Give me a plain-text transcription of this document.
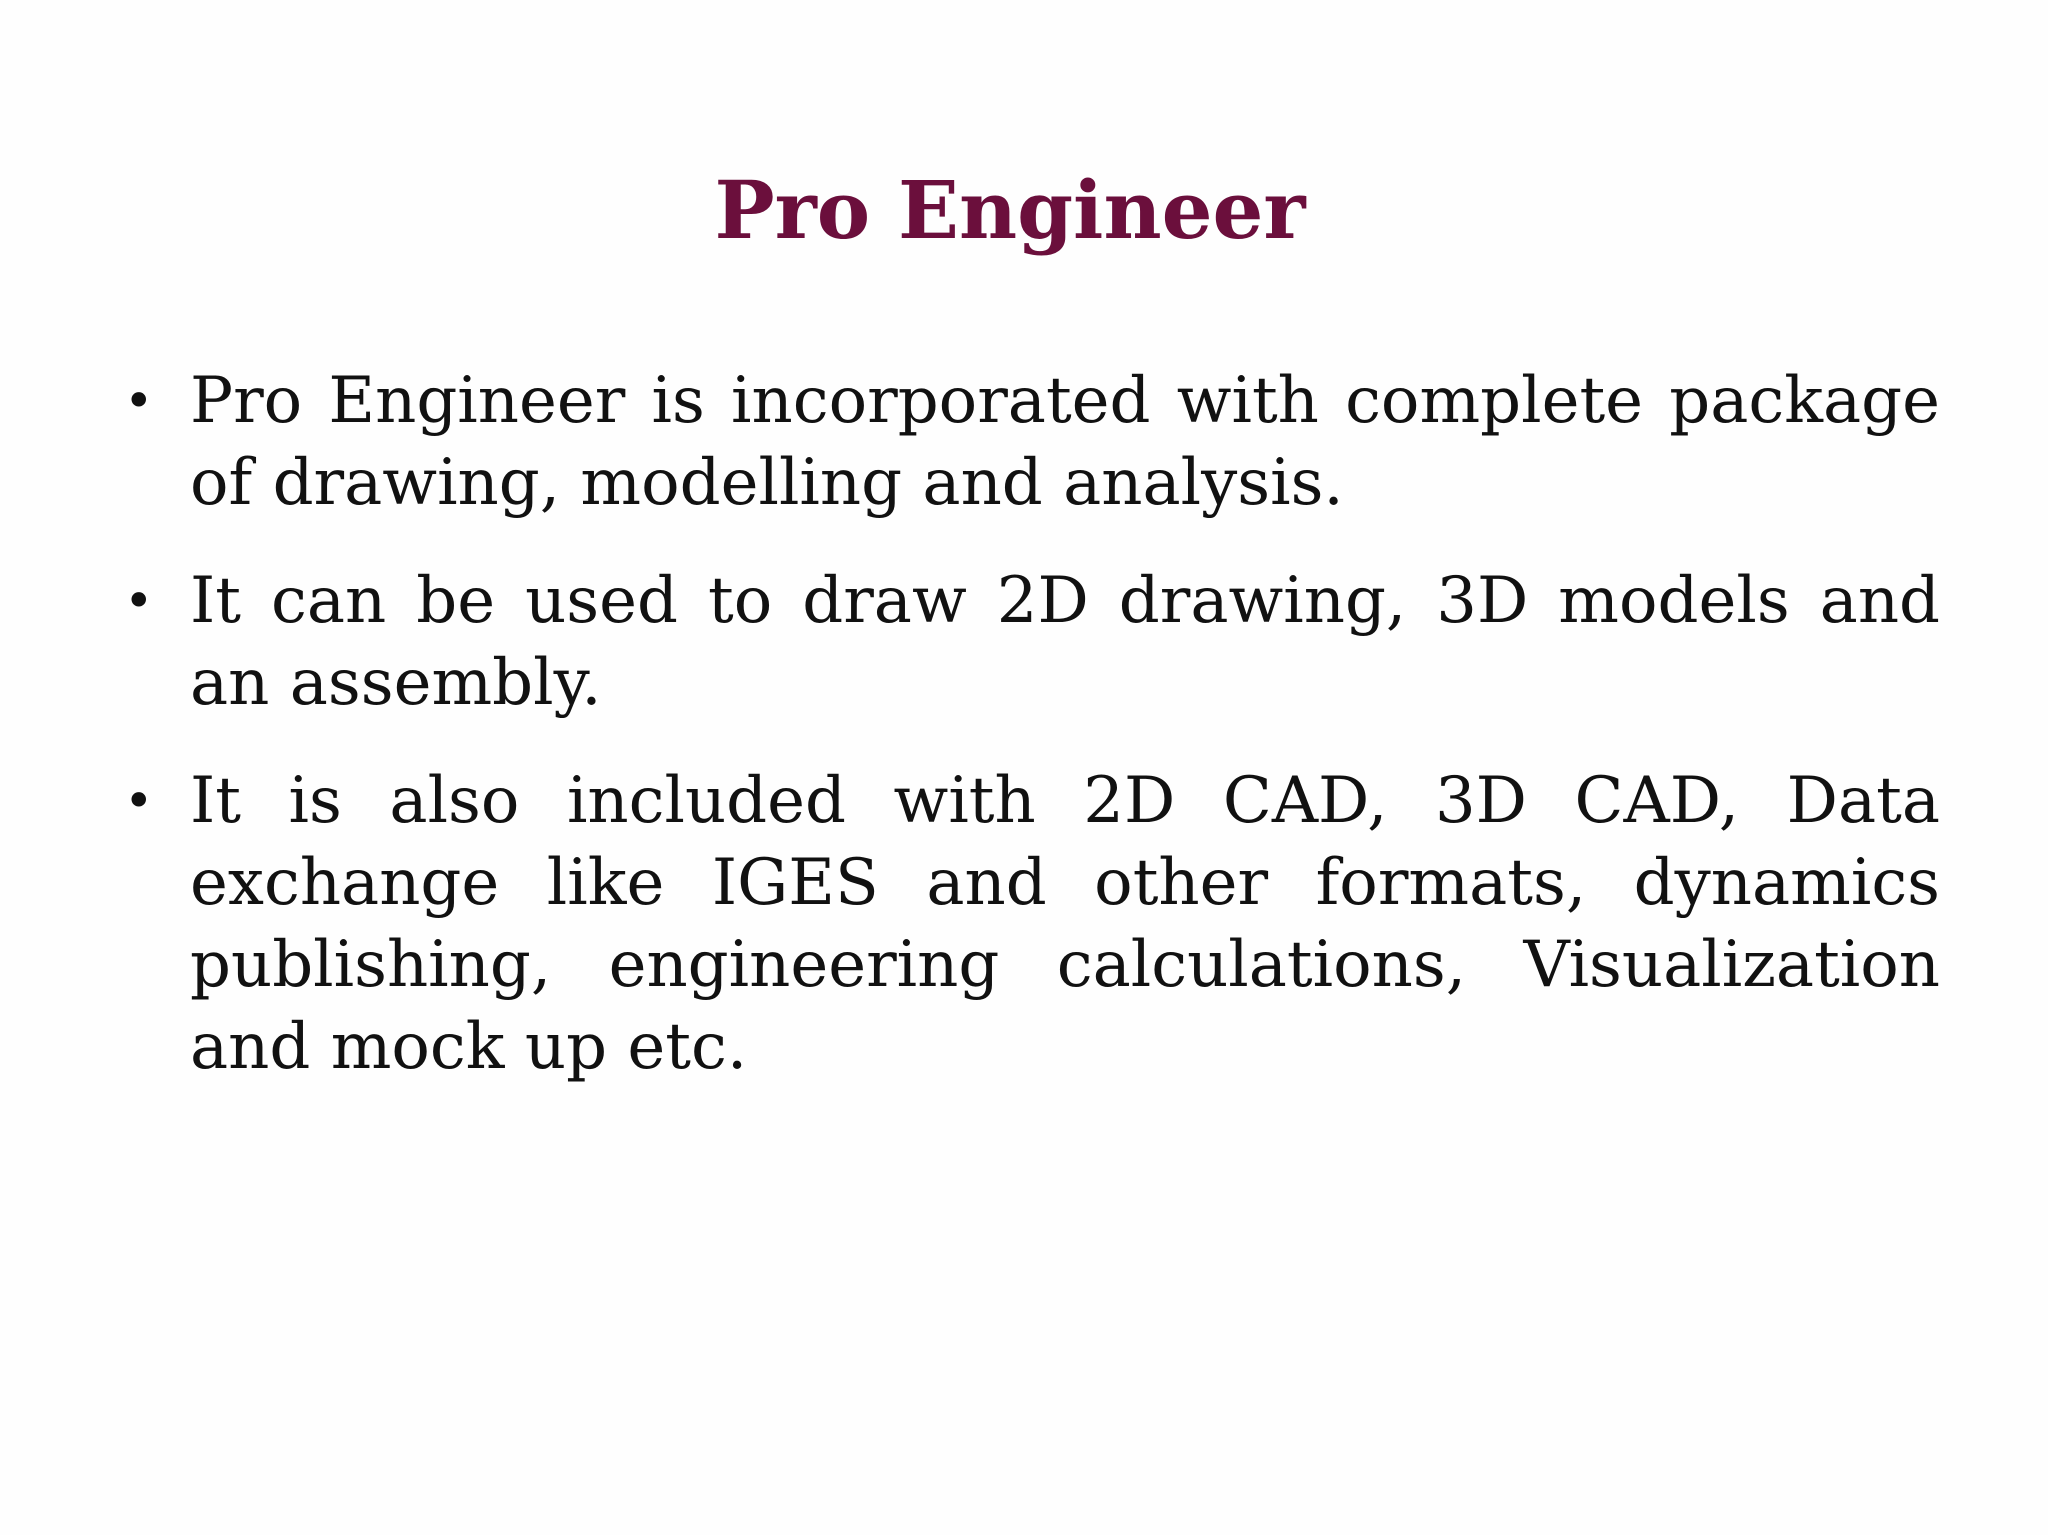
Pro Engineer
• Pro Engineer is incorporated with complete package of drawing, modelling and analysis.
• It can be used to draw 2D drawing, 3D models and an assembly.
• It is also included with 2D CAD, 3D CAD, Data exchange like IGES and other formats, dynamics publishing, engineering calculations, Visualization and mock up etc.
